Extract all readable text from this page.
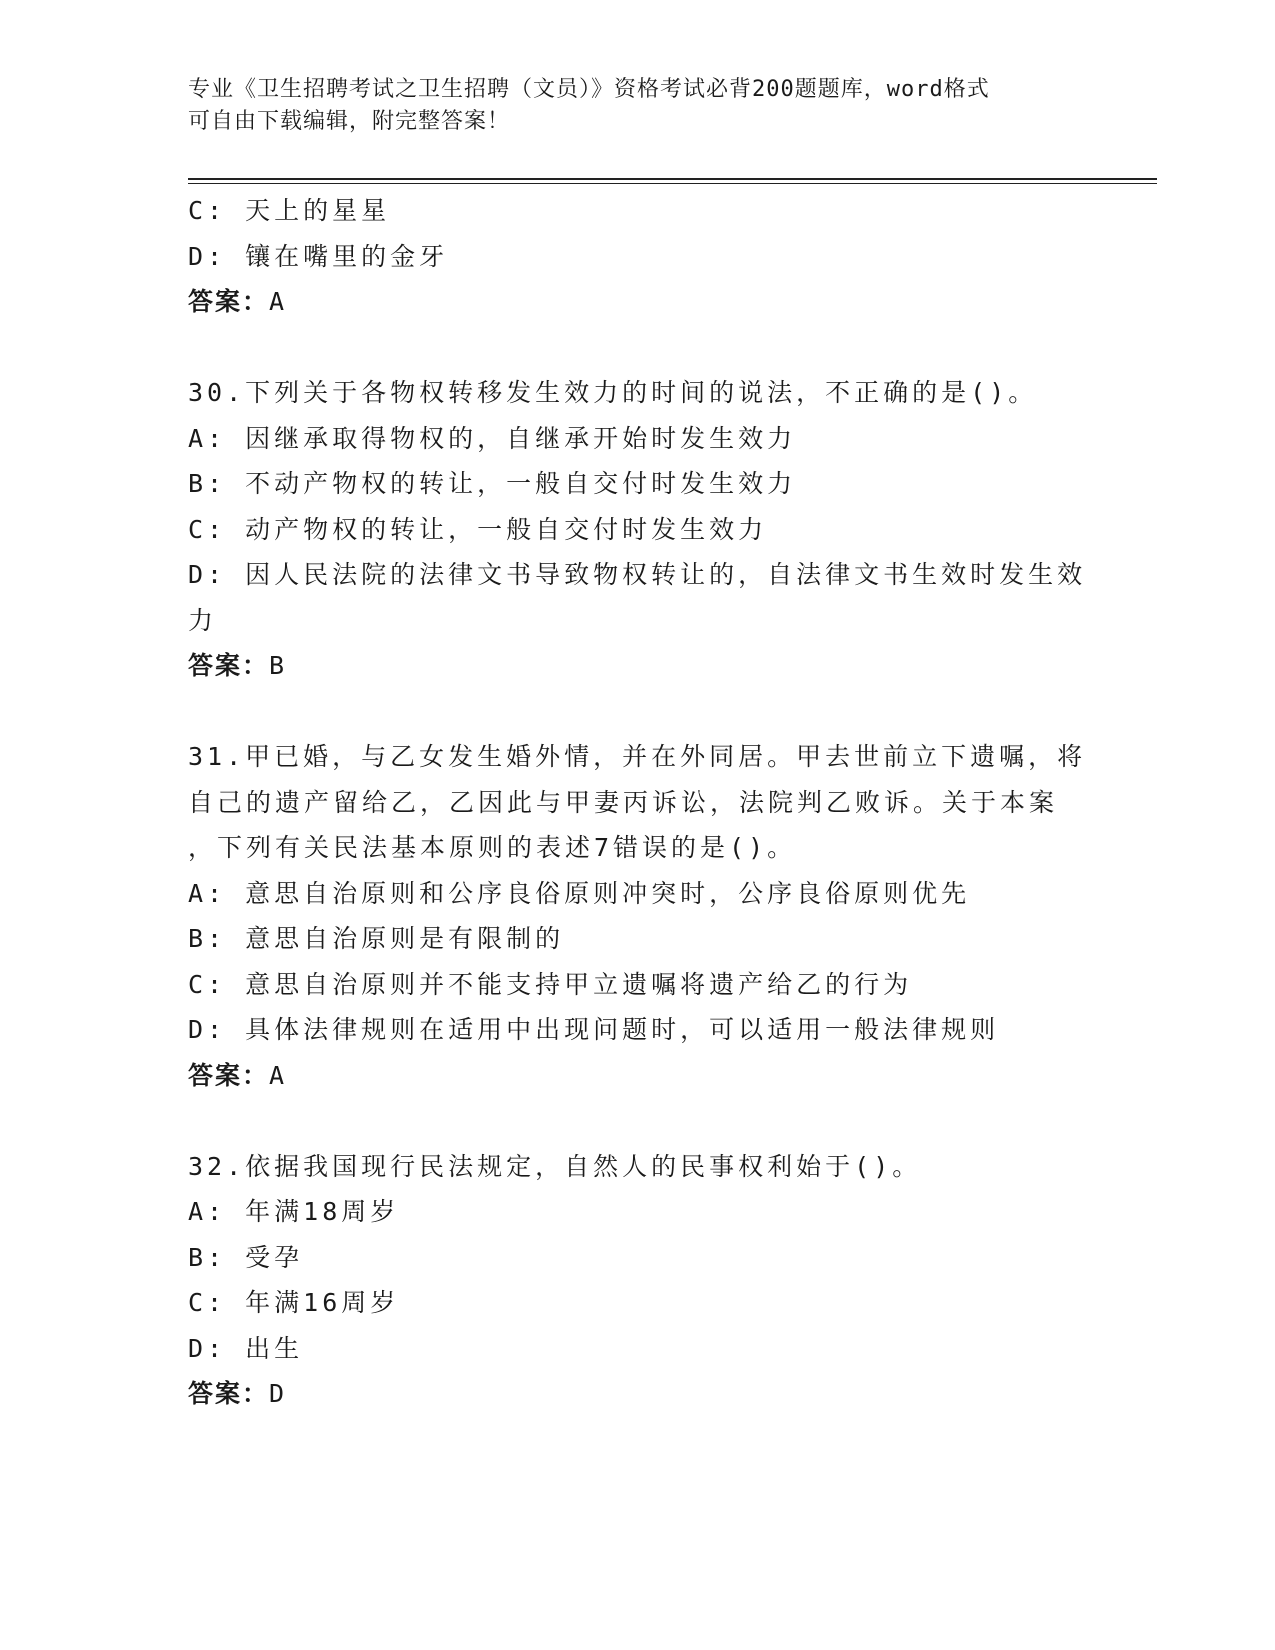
专业《卫生招聘考试之卫生招聘（文员）》资格考试必背200题题库，word格式
可自由下载编辑，附完整答案！
C: 天上的星星
D: 镶在嘴里的金牙
答案：A
30.下列关于各物权转移发生效力的时间的说法，不正确的是()。
A: 因继承取得物权的，自继承开始时发生效力
B: 不动产物权的转让，一般自交付时发生效力
C: 动产物权的转让，一般自交付时发生效力
D: 因人民法院的法律文书导致物权转让的，自法律文书生效时发生效
力
答案：B
31.甲已婚，与乙女发生婚外情，并在外同居。甲去世前立下遗嘱，将
自己的遗产留给乙，乙因此与甲妻丙诉讼，法院判乙败诉。关于本案
，下列有关民法基本原则的表述7错误的是()。
A: 意思自治原则和公序良俗原则冲突时，公序良俗原则优先
B: 意思自治原则是有限制的
C: 意思自治原则并不能支持甲立遗嘱将遗产给乙的行为
D: 具体法律规则在适用中出现问题时，可以适用一般法律规则
答案：A
32.依据我国现行民法规定，自然人的民事权利始于()。
A: 年满18周岁
B: 受孕
C: 年满16周岁
D: 出生
答案：D
